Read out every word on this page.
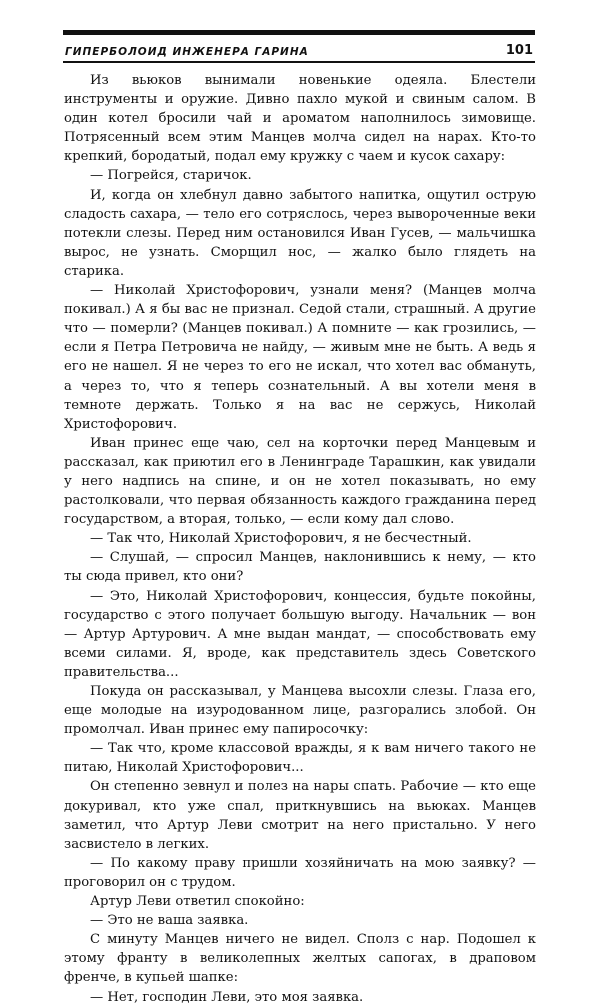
ГИПЕРБОЛОИД ИНЖЕНЕРА ГАРИНА	101

Из вьюков вынимали новенькие одеяла. Блестели инструменты и оружие. Дивно пахло мукой и свиным салом. В один котел бросили чай и ароматом наполнилось зимовище. Потрясенный всем этим Манцев молча сидел на нарах. Кто-то крепкий, бородатый, подал ему кружку с чаем и кусок сахару:

— Погрейся, старичок.

И, когда он хлебнул давно забытого напитка, ощутил острую сладость сахара, — тело его сотряслось, через вывороченные веки потекли слезы. Перед ним остановился Иван Гусев, — мальчишка вырос, не узнать. Сморщил нос, — жалко было глядеть на старика.

— Николай Христофорович, узнали меня? (Манцев молча покивал.) А я бы вас не признал. Седой стали, страшный. А другие что — померли? (Манцев покивал.) А помните — как грозились, — если я Петра Петровича не найду, — живым мне не быть. А ведь я его не нашел. Я не через то его не искал, что хотел вас обмануть, а через то, что я теперь сознательный. А вы хотели меня в темноте держать. Только я на вас не сержусь, Николай Христофорович.

Иван принес еще чаю, сел на корточки перед Манцевым и рассказал, как приютил его в Ленинграде Тарашкин, как увидали у него надпись на спине, и он не хотел показывать, но ему растолковали, что первая обязанность каждого гражданина перед государством, а вторая, только, — если кому дал слово.

— Так что, Николай Христофорович, я не бесчестный.

— Слушай, — спросил Манцев, наклонившись к нему, — кто ты сюда привел, кто они?

— Это, Николай Христофорович, концессия, будьте покойны, государство с этого получает большую выгоду. Начальник — вон — Артур Артурович. А мне выдан мандат, — способствовать ему всеми силами. Я, вроде, как представитель здесь Советского правительства...

Покуда он рассказывал, у Манцева высохли слезы. Глаза его, еще молодые на изуродованном лице, разгорались злобой. Он промолчал. Иван принес ему папиросочку:

— Так что, кроме классовой вражды, я к вам ничего такого не питаю, Николай Христофорович...

Он степенно зевнул и полез на нары спать. Рабочие — кто еще докуривал, кто уже спал, приткнувшись на вьюках. Манцев заметил, что Артур Леви смотрит на него пристально. У него засвистело в легких.

— По какому праву пришли хозяйничать на мою заявку? — проговорил он с трудом.

Артур Леви ответил спокойно:

— Это не ваша заявка.

С минуту Манцев ничего не видел. Сполз с нар. Подошел к этому франту в великолепных желтых сапогах, в драповом френче, в купьей шапке:

— Нет, господин Леви, это моя заявка.
